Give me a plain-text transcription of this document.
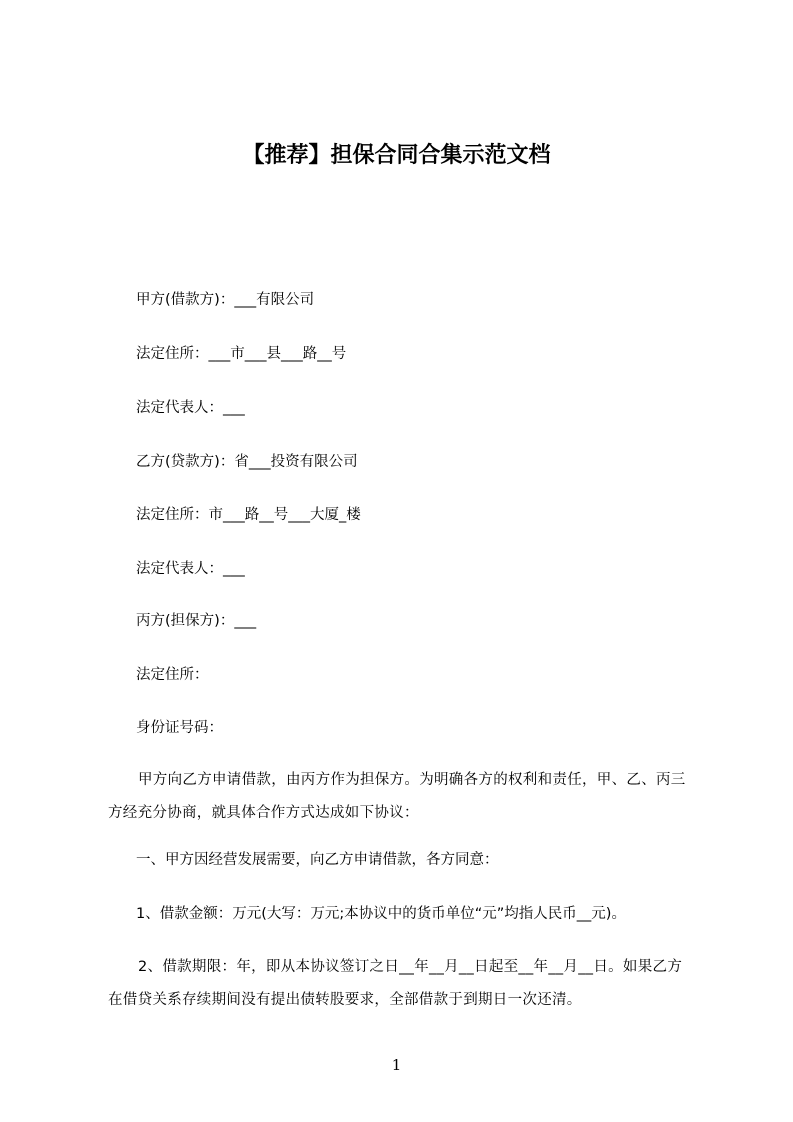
【推荐】担保合同合集示范文档
甲方(借款方)：___有限公司
法定住所：___市___县___路__号
法定代表人：___
乙方(贷款方)：省___投资有限公司
法定住所：市___路__号___大厦_楼
法定代表人：___
丙方(担保方)：___
法定住所：
身份证号码：
甲方向乙方申请借款，由丙方作为担保方。为明确各方的权利和责任，甲、乙、丙三方经充分协商，就具体合作方式达成如下协议：
一、甲方因经营发展需要，向乙方申请借款，各方同意：
1、借款金额：万元(大写：万元;本协议中的货币单位“元”均指人民币__元)。
2、借款期限：年，即从本协议签订之日__年__月__日起至__年__月__日。如果乙方在借贷关系存续期间没有提出债转股要求，全部借款于到期日一次还清。
1
